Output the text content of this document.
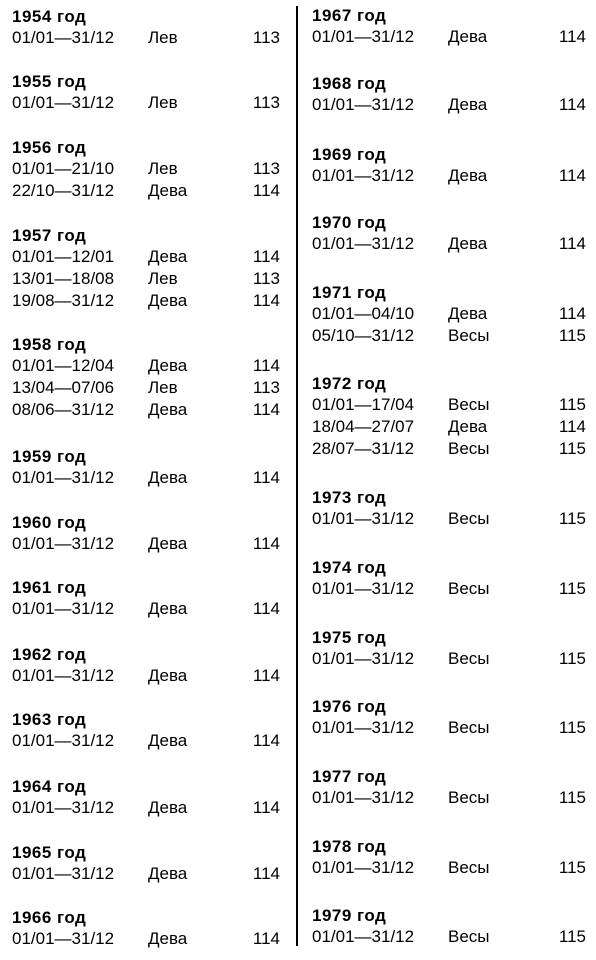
1954 год
01/01—31/12 Лев	113
1955 год
01/01—31/12 Лев	113
1956 год
01/01—21/10 Лев	113
22/10—31/12 Дева	114
1957 год
01/01—12/01 Дева	114
13/01—18/08 Лев	113
19/08—31/12 Дева	114
1958 год
01/01—12/04 Дева	114
13/04—07/06 Лев	113
08/06—31/12 Дева	114
1959 год
01/01—31/12 Дева	114
1960 год
01/01—31/12 Дева	114
1961 год
01/01—31/12 Дева	114
1962 год
01/01—31/12 Дева	114
1963 год
01/01—31/12 Дева	114
1964 год
01/01—31/12 Дева	114
1965 год
01/01—31/12 Дева	114
1966 год
01/01—31/12 Дева	114
1967 год
01/01—31/12 Дева	114
1968 год
01/01—31/12 Дева	114
1969 год
01/01—31/12 Дева	114
1970 год
01/01—31/12 Дева	114
1971 год
01/01—04/10 Дева	114
05/10—31/12 Весы	115
1972 год
01/01—17/04 Весы	115
18/04—27/07 Дева	114
28/07—31/12 Весы	115
1973 год
01/01—31/12 Весы	115
1974 год
01/01—31/12 Весы	115
1975 год
01/01—31/12 Весы	115
1976 год
01/01—31/12 Весы	115
1977 год
01/01—31/12 Весы	115
1978 год
01/01—31/12 Весы	115
1979 год
01/01—31/12 Весы	115
